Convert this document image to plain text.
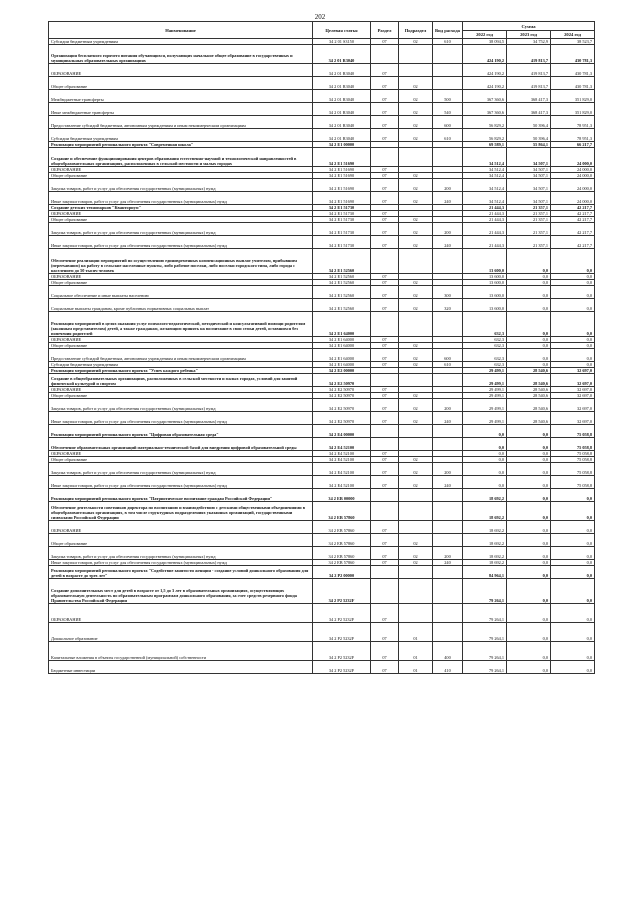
202
Наименование	Целевая статья	Раздел	Подраздел	Вид расхода	Сумма		
					2022 год	2023 год	2024 год
Субсидии бюджетным учреждениям	34 2 01 S3150	07	02	610	38 094,5	34 752,9	38 523,7
Организация бесплатного горячего питания обучающихся, получающих начальное общее образование в государственных и муниципальных образовательных организациях	34 2 01 R3040				424 190,2	419 813,7	430 781,3
ОБРАЗОВАНИЕ	34 2 01 R3040	07			424 190,2	419 813,7	430 781,3
Общее образование	34 2 01 R3040	07	02		424 190,2	419 813,7	430 781,3
Межбюджетные трансферты	34 2 01 R3040	07	02	500	367 360,6	368 417,3	351 829,0
Иные межбюджетные трансферты	34 2 01 R3040	07	02	540	367 360,6	368 417,3	351 829,0
Предоставление субсидий бюджетным, автономным учреждениям и иным некоммерческим организациям	34 2 01 R3040	07	02	600	56 829,2	50 396,4	78 951,3
Субсидии бюджетным учреждениям	34 2 01 R3040	07	02	610	56 829,2	50 396,4	78 951,3
Реализация мероприятий регионального проекта "Современная школа"	34 2 E1 00000				69 589,1	55 864,1	66 217,7
Создание и обеспечение функционирования центров образования естественно-научной и технологической направленностей в общеобразовательных организациях, расположенных в сельской местности и малых городах	34 2 E1 51690				34 512,4	34 507,1	24 000,0
ОБРАЗОВАНИЕ	34 2 E1 51690	07			34 512,4	34 507,1	24 000,0
Общее образование	34 2 E1 51690	07	02		34 512,4	34 507,1	24 000,0
Закупка товаров, работ и услуг для обеспечения государственных (муниципальных) нужд	34 2 E1 51690	07	02	200	34 512,4	34 507,1	24 000,0
Иные закупки товаров, работ и услуг для обеспечения государственных (муниципальных) нужд	34 2 E1 51690	07	02	240	34 512,4	34 507,1	24 000,0
Создание детских технопарков "Кванториум"	34 2 E1 51730				21 444,3	21 357,1	42 217,7
ОБРАЗОВАНИЕ	34 2 E1 51730	07			21 444,3	21 357,1	42 217,7
Общее образование	34 2 E1 51730	07	02		21 444,3	21 357,1	42 217,7
Закупка товаров, работ и услуг для обеспечения государственных (муниципальных) нужд	34 2 E1 51730	07	02	200	21 444,3	21 357,1	42 217,7
Иные закупки товаров, работ и услуг для обеспечения государственных (муниципальных) нужд	34 2 E1 51730	07	02	240	21 444,3	21 357,1	42 217,7
Обеспечение реализации мероприятий по осуществлению единовременных компенсационных выплат учителям, прибывшим (переехавшим) на работу в сельские населенные пункты, либо рабочие поселки, либо поселки городского типа, либо города с населением до 50 тысяч человек	34 2 E1 52560				13 600,0	0,0	0,0
ОБРАЗОВАНИЕ	34 2 E1 52560	07			13 600,0	0,0	0,0
Общее образование	34 2 E1 52560	07	02		13 600,0	0,0	0,0
Социальное обеспечение и иные выплаты населению	34 2 E1 52560	07	02	300	13 600,0	0,0	0,0
Социальные выплаты гражданам, кроме публичных нормативных социальных выплат	34 2 E1 52560	07	02	320	13 600,0	0,0	0,0
Реализация мероприятий в целях оказания услуг психолого-педагогической, методической и консультативной помощи родителям (законным представителям) детей, а также гражданам, желающим принять на воспитание в свои семьи детей, оставшихся без попечения родителей	34 2 E1 64000				632,3	0,0	0,0
ОБРАЗОВАНИЕ	34 2 E1 64000	07			632,3	0,0	0,0
Общее образование	34 2 E1 64000	07	02		632,3	0,0	0,0
Предоставление субсидий бюджетным, автономным учреждениям и иным некоммерческим организациям	34 2 E1 64000	07	02	600	632,3	0,0	0,0
Субсидии бюджетным учреждениям	34 2 E1 64000	07	02	610	632,3	0,0	0,0
Реализация мероприятий регионального проекта "Успех каждого ребенка"	34 2 E2 00000				29 499,1	28 540,6	32 697,0
Создание в общеобразовательных организациях, расположенных в сельской местности и малых городах, условий для занятий физической культурой и спортом	34 2 E2 50970				29 499,1	28 540,6	32 697,0
ОБРАЗОВАНИЕ	34 2 E2 50970	07			29 499,1	28 540,6	32 697,0
Общее образование	34 2 E2 50970	07	02		29 499,1	28 540,6	32 697,0
Закупка товаров, работ и услуг для обеспечения государственных (муниципальных) нужд	34 2 E2 50970	07	02	200	29 499,1	28 540,6	32 697,0
Иные закупки товаров, работ и услуг для обеспечения государственных (муниципальных) нужд	34 2 E2 50970	07	02	240	29 499,1	28 540,6	32 697,0
Реализация мероприятий регионального проекта "Цифровая образовательная среда"	34 2 E4 00000				0,0	0,0	75 058,8
Обеспечение образовательных организаций материально-технической базой для внедрения цифровой образовательной среды	34 2 E4 52100				0,0	0,0	75 058,8
ОБРАЗОВАНИЕ	34 2 E4 52100	07			0,0	0,0	75 058,8
Общее образование	34 2 E4 52100	07	02		0,0	0,0	75 058,8
Закупка товаров, работ и услуг для обеспечения государственных (муниципальных) нужд	34 2 E4 52100	07	02	200	0,0	0,0	75 058,8
Иные закупки товаров, работ и услуг для обеспечения государственных (муниципальных) нужд	34 2 E4 52100	07	02	240	0,0	0,0	75 058,8
Реализация мероприятий регионального проекта "Патриотическое воспитание граждан Российской Федерации"	34 2 EB 00000				18 692,2	0,0	0,0
Обеспечение деятельности советников директора по воспитанию и взаимодействию с детскими общественными объединениями в общеобразовательных организациях, в том числе структурных подразделениях указанных организаций, государственными символами Российской Федерации	34 2 EB 57860				18 692,2	0,0	0,0
ОБРАЗОВАНИЕ	34 2 EB 57860	07			18 692,2	0,0	0,0
Общее образование	34 2 EB 57860	07	02		18 692,2	0,0	0,0
Закупка товаров, работ и услуг для обеспечения государственных (муниципальных) нужд	34 2 EB 57860	07	02	200	18 692,2	0,0	0,0
Иные закупки товаров, работ и услуг для обеспечения государственных (муниципальных) нужд	34 2 EB 57860	07	02	240	18 692,2	0,0	0,0
Реализация мероприятий регионального проекта "Содействие занятости женщин - создание условий дошкольного образования для детей в возрасте до трех лет"	34 2 P2 00000				84 964,1	0,0	0,0
Создание дополнительных мест для детей в возрасте от 1,5 до 3 лет в образовательных организациях, осуществляющих образовательную деятельность по образовательным программам дошкольного образования, за счет средств резервного фонда Правительства Российской Федерации	34 2 P2 5232F				79 264,1	0,0	0,0
ОБРАЗОВАНИЕ	34 2 P2 5232F	07			79 264,1	0,0	0,0
Дошкольное образование	34 2 P2 5232F	07	01		79 264,1	0,0	0,0
Капитальные вложения в объекты государственной (муниципальной) собственности	34 2 P2 5232F	07	01	400	79 264,1	0,0	0,0
Бюджетные инвестиции	34 2 P2 5232F	07	01	410	79 264,1	0,0	0,0
